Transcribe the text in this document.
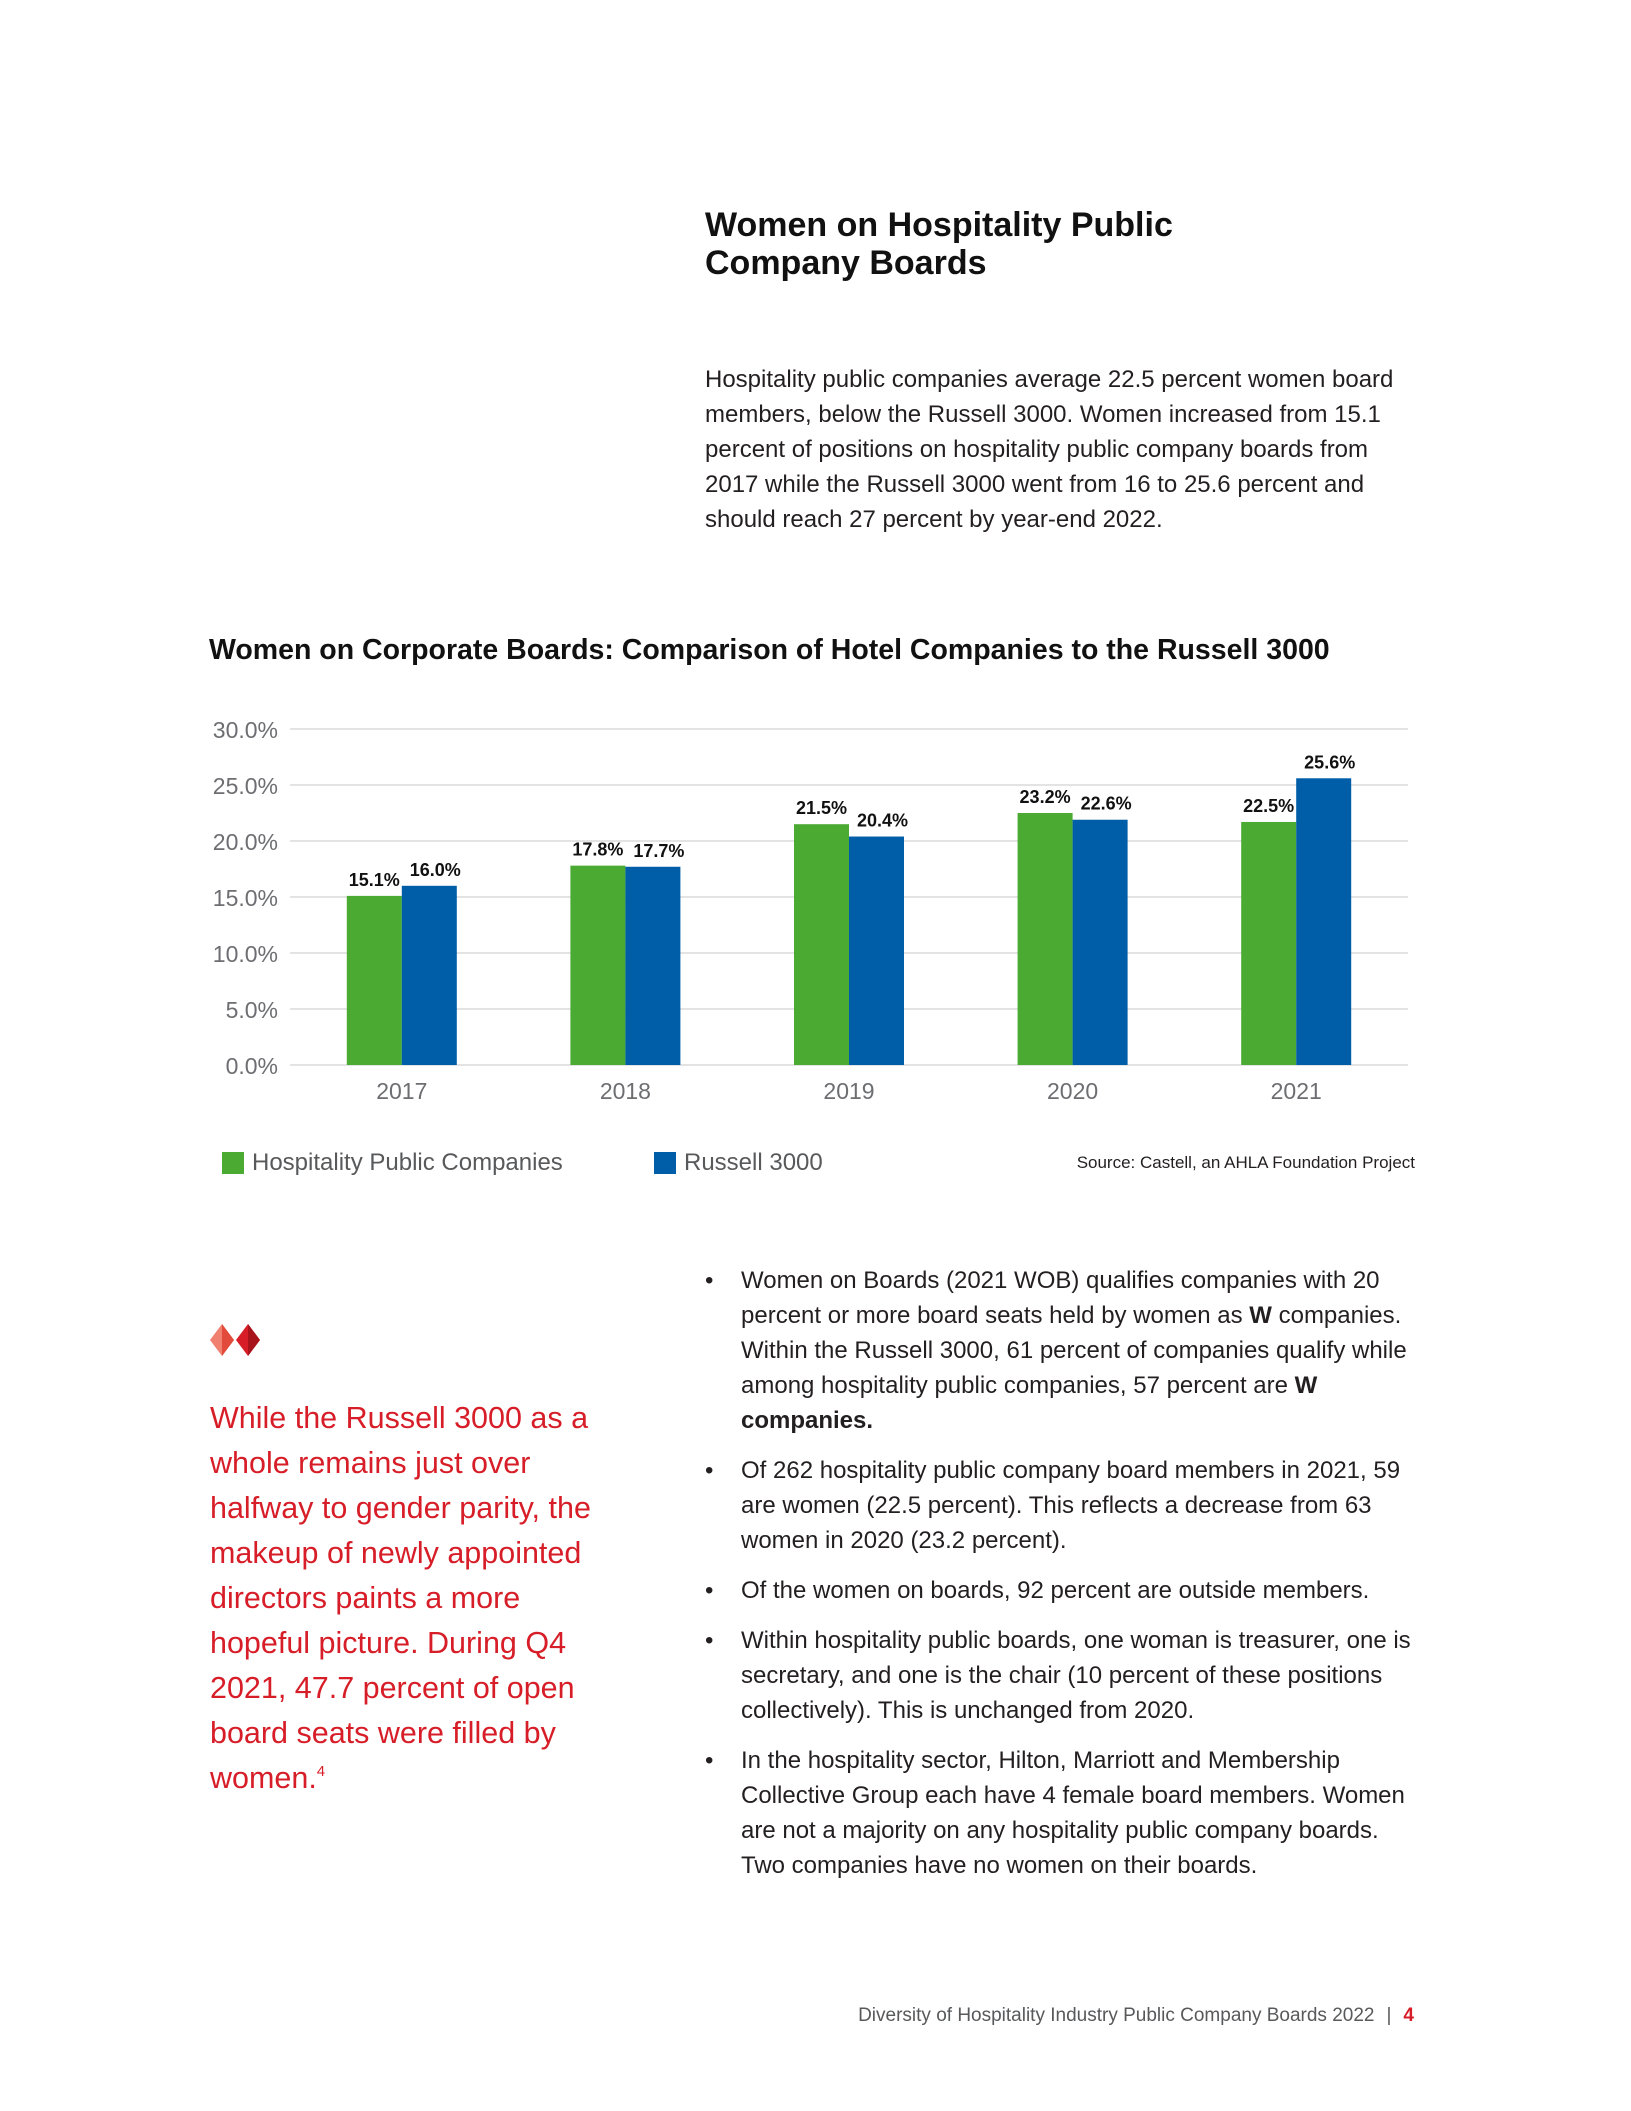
Women on Hospitality Public
Company Boards

Hospitality public companies average 22.5 percent women board members, below the Russell 3000. Women increased from 15.1 percent of positions on hospitality public company boards from 2017 while the Russell 3000 went from 16 to 25.6 percent and should reach 27 percent by year-end 2022.

Women on Corporate Boards: Comparison of Hotel Companies to the Russell 3000
0.0%
5.0%
10.0%
15.0%
20.0%
25.0%
30.0%
15.1%
16.0%
2017
17.8% 17.7%
2018
21.5%
20.4%
2019
23.2% 22.6%
2020
22.5%
25.6%
2021
Hospitality Public Companies	Russell 3000	Source: Castell, an AHLA Foundation Project
While the Russell 3000 as a whole remains just over halfway to gender parity, the makeup of newly appointed directors paints a more hopeful picture. During Q4 2021, 47.7 percent of open board seats were filled by women.$^4$
• Women on Boards (2021 WOB) qualifies companies with 20 percent or more board seats held by women as W companies. Within the Russell 3000, 61 percent of companies qualify while among hospitality public companies, 57 percent are W companies.
• Of 262 hospitality public company board members in 2021, 59 are women (22.5 percent). This reflects a decrease from 63 women in 2020 (23.2 percent).
• Of the women on boards, 92 percent are outside members.
• Within hospitality public boards, one woman is treasurer, one is secretary, and one is the chair (10 percent of these positions collectively). This is unchanged from 2020.
• In the hospitality sector, Hilton, Marriott and Membership Collective Group each have 4 female board members. Women are not a majority on any hospitality public company boards. Two companies have no women on their boards.
Diversity of Hospitality Industry Public Company Boards 2022 | 4
